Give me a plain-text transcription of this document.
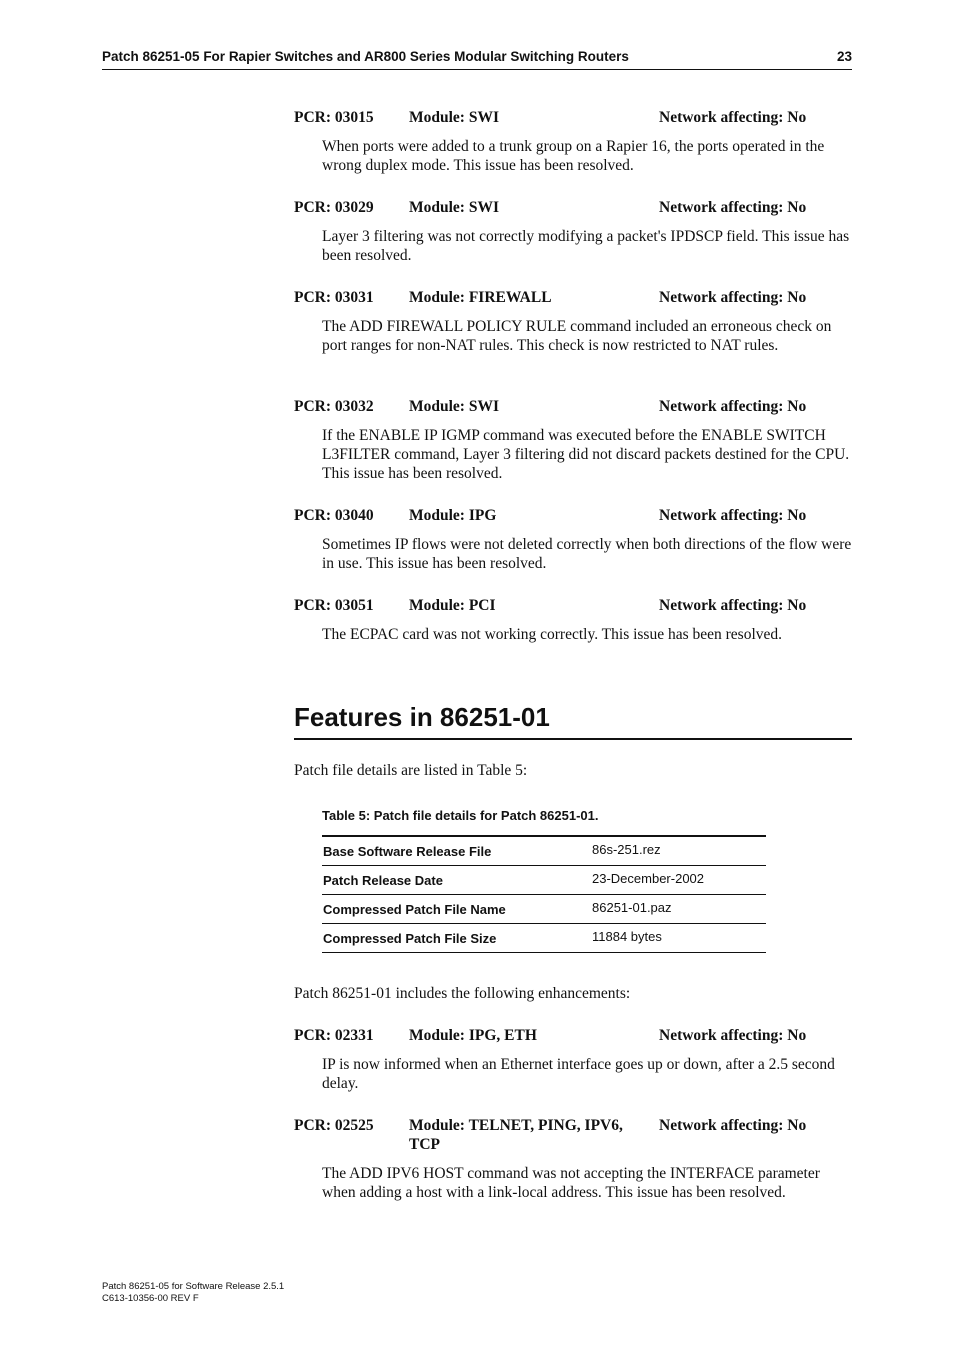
Patch 86251-05 For Rapier Switches and AR800 Series Modular Switching Routers	23
PCR: 03015 Module: SWI	Network affecting: No
When ports were added to a trunk group on a Rapier 16, the ports operated in the wrong duplex mode. This issue has been resolved.
PCR: 03029 Module: SWI	Network affecting: No
Layer 3 filtering was not correctly modifying a packet's IPDSCP field. This issue has been resolved.
PCR: 03031 Module: FIREWALL	Network affecting: No
The ADD FIREWALL POLICY RULE command included an erroneous check on port ranges for non-NAT rules. This check is now restricted to NAT rules.
PCR: 03032 Module: SWI	Network affecting: No
If the ENABLE IP IGMP command was executed before the ENABLE SWITCH L3FILTER command, Layer 3 filtering did not discard packets destined for the CPU. This issue has been resolved.
PCR: 03040 Module: IPG	Network affecting: No
Sometimes IP flows were not deleted correctly when both directions of the flow were in use. This issue has been resolved.
PCR: 03051 Module: PCI	Network affecting: No
The ECPAC card was not working correctly. This issue has been resolved.
Features in 86251-01
Patch file details are listed in Table 5:
Table 5: Patch file details for Patch 86251-01.
Base Software Release File	86s-251.rez
Patch Release Date	23-December-2002
Compressed Patch File Name	86251-01.paz
Compressed Patch File Size	11884 bytes
Patch 86251-01 includes the following enhancements:
PCR: 02331 Module: IPG, ETH	Network affecting: No
IP is now informed when an Ethernet interface goes up or down, after a 2.5 second delay.
PCR: 02525 Module: TELNET, PING, IPV6, TCP
Network affecting: No
The ADD IPV6 HOST command was not accepting the INTERFACE parameter when adding a host with a link-local address. This issue has been resolved.
Patch 86251-05 for Software Release 2.5.1
C613-10356-00 REV F
